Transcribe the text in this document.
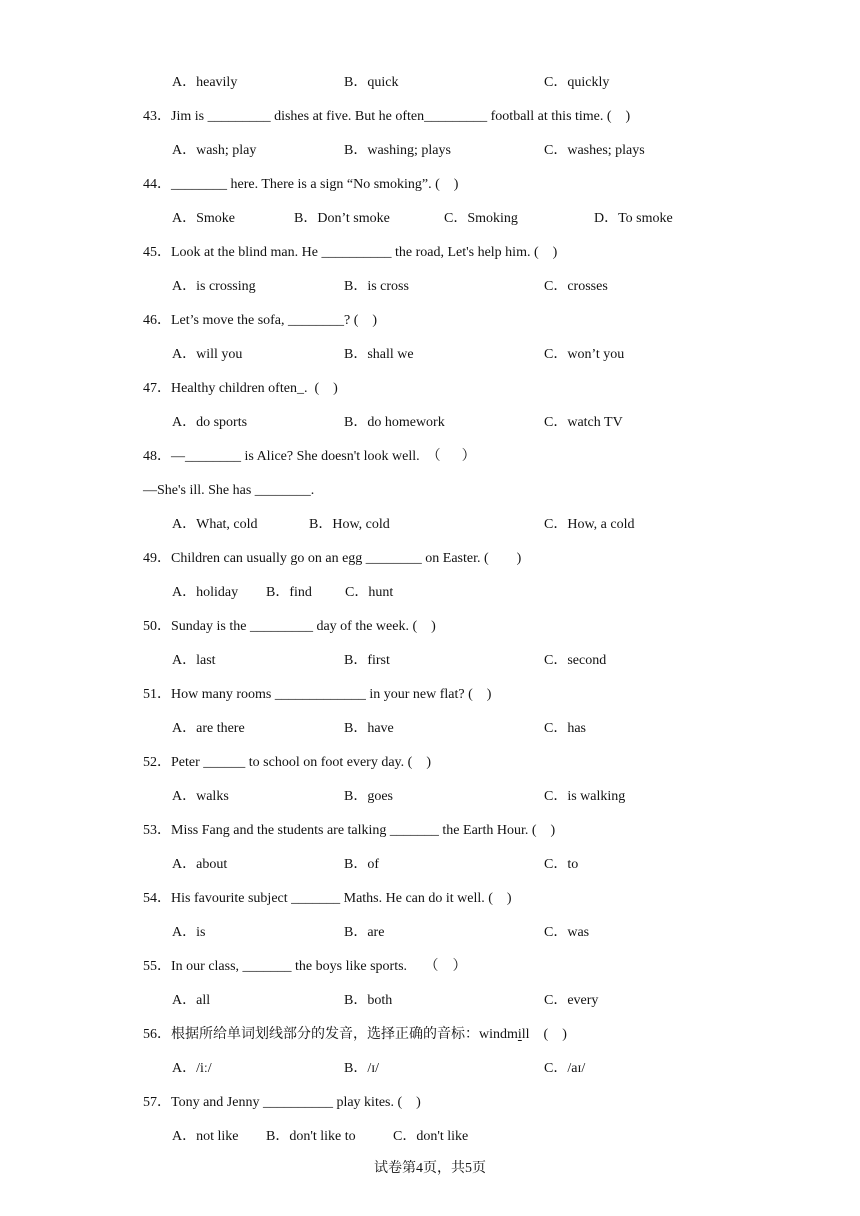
A．heavily	B．quick	C．quickly
43．Jim is _________ dishes at five. But he often_________ football at this time. (    )
A．wash; play	B．washing; plays	C．washes; plays
44．________ here. There is a sign “No smoking”. (    )
A．Smoke	B．Don’t smoke	C．Smoking	D．To smoke
45．Look at the blind man. He __________ the road, Let's help him. (    )
A．is crossing	B．is cross	C．crosses
46．Let’s move the sofa, ________? (    )
A．will you	B．shall we	C．won’t you
47．Healthy children often_.  (    )
A．do sports	B．do homework	C．watch TV
48．—________ is Alice? She doesn't look well.  （      ）
—She's ill. She has ________.
A．What, cold	B．How, cold	C．How, a cold
49．Children can usually go on an egg ________ on Easter. (        )
A．holiday B．find C．hunt
50．Sunday is the _________ day of the week. (    )
A．last	B．first	C．second
51．How many rooms _____________ in your new flat? (    )
A．are there	B．have	C．has
52．Peter ______ to school on foot every day. (    )
A．walks	B．goes	C．is walking
53．Miss Fang and the students are talking _______ the Earth Hour. (    )
A．about	B．of	C．to
54．His favourite subject _______ Maths. He can do it well. (    )
A．is	B．are	C．was
55．In our class, _______ the boys like sports.     （    ）
A．all	B．both	C．every
56．根据所给单词划线部分的发音，选择正确的音标：windmill    (    )
A．/iː/	B．/ɪ/	C．/aɪ/
57．Tony and Jenny __________ play kites. (    )
A．not like B．don't like to	C．don't like
试卷第4页，共5页
